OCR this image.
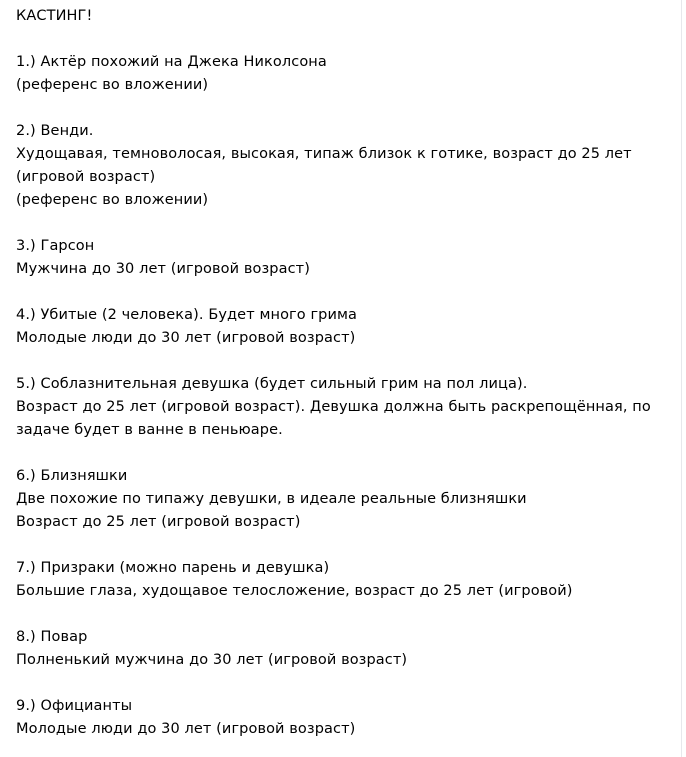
КАСТИНГ!
1.) Актёр похожий на Джека Николсона
(референс во вложении)
2.) Венди.
Худощавая, темноволосая, высокая, типаж близок к готике, возраст до 25 лет
(игровой возраст)
(референс во вложении)
3.) Гарсон
Мужчина до 30 лет (игровой возраст)
4.) Убитые (2 человека). Будет много грима
Молодые люди до 30 лет (игровой возраст)
5.) Соблазнительная девушка (будет сильный грим на пол лица).
Возраст до 25 лет (игровой возраст). Девушка должна быть раскрепощённая, по
задаче будет в ванне в пеньюаре.
6.) Близняшки
Две похожие по типажу девушки, в идеале реальные близняшки
Возраст до 25 лет (игровой возраст)
7.) Призраки (можно парень и девушка)
Большие глаза, худощавое телосложение, возраст до 25 лет (игровой)
8.) Повар
Полненький мужчина до 30 лет (игровой возраст)
9.) Официанты
Молодые люди до 30 лет (игровой возраст)
